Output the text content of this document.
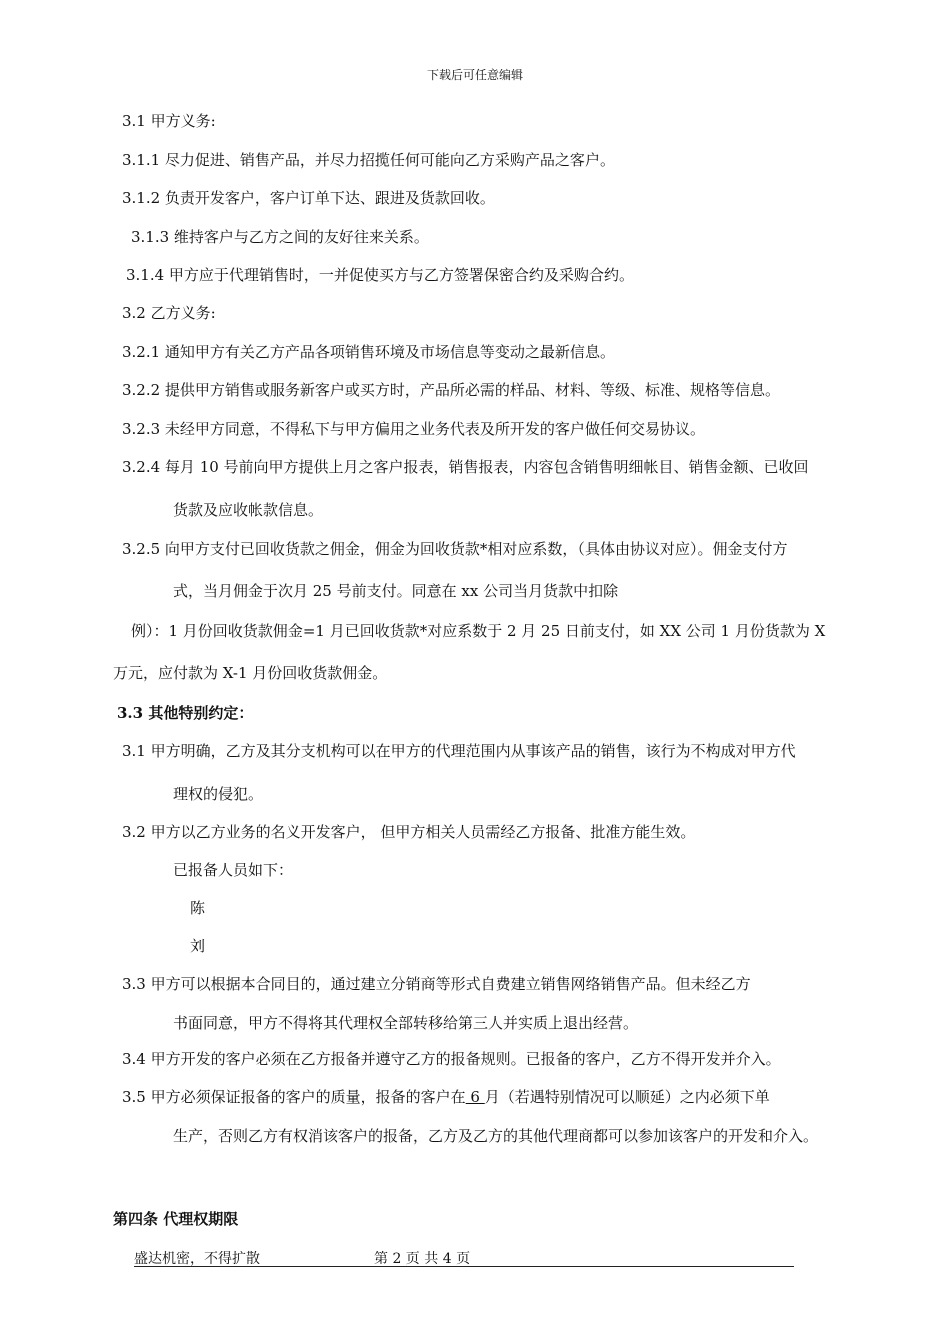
下载后可任意编辑
3.1 甲方义务:
3.1.1 尽力促进、销售产品，并尽力招揽任何可能向乙方采购产品之客户。
3.1.2 负责开发客户，客户订单下达、跟进及货款回收。
3.1.3 维持客户与乙方之间的友好往来关系。
3.1.4 甲方应于代理销售时，一并促使买方与乙方签署保密合约及采购合约。
3.2 乙方义务:
3.2.1 通知甲方有关乙方产品各项销售环境及市场信息等变动之最新信息。
3.2.2 提供甲方销售或服务新客户或买方时，产品所必需的样品、材料、等级、标准、规格等信息。
3.2.3 未经甲方同意，不得私下与甲方偏用之业务代表及所开发的客户做任何交易协议。
3.2.4 每月 10 号前向甲方提供上月之客户报表，销售报表，内容包含销售明细帐目、销售金额、已收回
货款及应收帐款信息。
3.2.5 向甲方支付已回收货款之佣金，佣金为回收货款*相对应系数，（具体由协议对应）。佣金支付方
式，当月佣金于次月 25 号前支付。同意在 xx 公司当月货款中扣除
例）：1 月份回收货款佣金=1 月已回收货款*对应系数于 2 月 25 日前支付，如 XX 公司 1 月份货款为 X
万元，应付款为 X-1 月份回收货款佣金。
3.3 其他特别约定：
3.1 甲方明确，乙方及其分支机构可以在甲方的代理范围内从事该产品的销售，该行为不构成对甲方代
理权的侵犯。
3.2 甲方以乙方业务的名义开发客户， 但甲方相关人员需经乙方报备、批准方能生效。
已报备人员如下：
陈
刘
3.3 甲方可以根据本合同目的，通过建立分销商等形式自费建立销售网络销售产品。但未经乙方
书面同意，甲方不得将其代理权全部转移给第三人并实质上退出经营。
3.4 甲方开发的客户必须在乙方报备并遵守乙方的报备规则。已报备的客户，乙方不得开发并介入。
3.5 甲方必须保证报备的客户的质量，报备的客户在 6 月（若遇特别情况可以顺延）之内必须下单
生产，否则乙方有权消该客户的报备，乙方及乙方的其他代理商都可以参加该客户的开发和介入。
第四条 代理权期限
盛达机密，不得扩散	第 2 页 共 4 页
